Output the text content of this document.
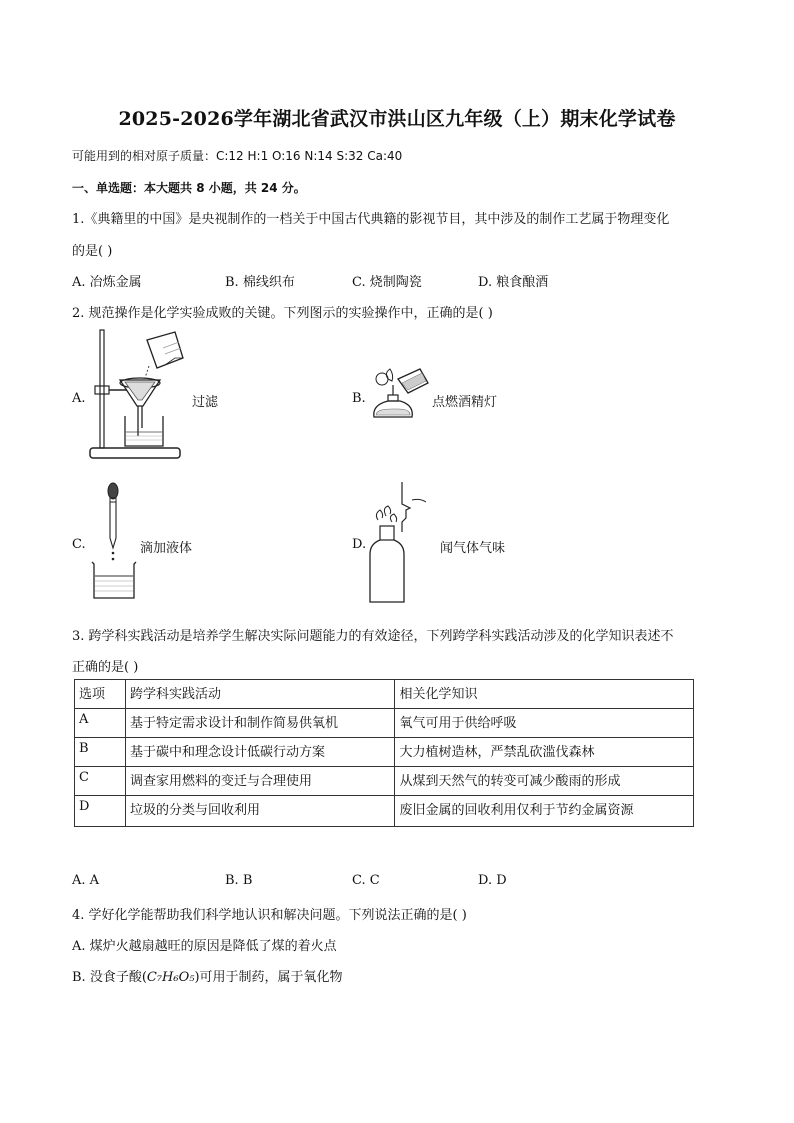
2025-2026学年湖北省武汉市洪山区九年级（上）期末化学试卷
可能用到的相对原子质量：C:12 H:1 O:16 N:14 S:32 Ca:40
一、单选题：本大题共 8 小题，共 24 分。
1.《典籍里的中国》是央视制作的一档关于中国古代典籍的影视节目，其中涉及的制作工艺属于物理变化
的是( )
A. 冶炼金属	B. 棉线织布	C. 烧制陶瓷	D. 粮食酿酒
2. 规范操作是化学实验成败的关键。下列图示的实验操作中，正确的是( )
A.	过滤	B.	点燃酒精灯
C.	滴加液体	D.	闻气体气味
3. 跨学科实践活动是培养学生解决实际问题能力的有效途径，下列跨学科实践活动涉及的化学知识表述不
正确的是( )
选项	跨学科实践活动	相关化学知识
A	基于特定需求设计和制作简易供氧机	氧气可用于供给呼吸
B	基于碳中和理念设计低碳行动方案	大力植树造林，严禁乱砍滥伐森林
C	调查家用燃料的变迁与合理使用	从煤到天然气的转变可减少酸雨的形成
D	垃圾的分类与回收利用	废旧金属的回收利用仅利于节约金属资源
A. A	B. B	C. C	D. D
4. 学好化学能帮助我们科学地认识和解决问题。下列说法正确的是( )
A. 煤炉火越扇越旺的原因是降低了煤的着火点
B. 没食子酸(C₇H₆O₅)可用于制药，属于氧化物
